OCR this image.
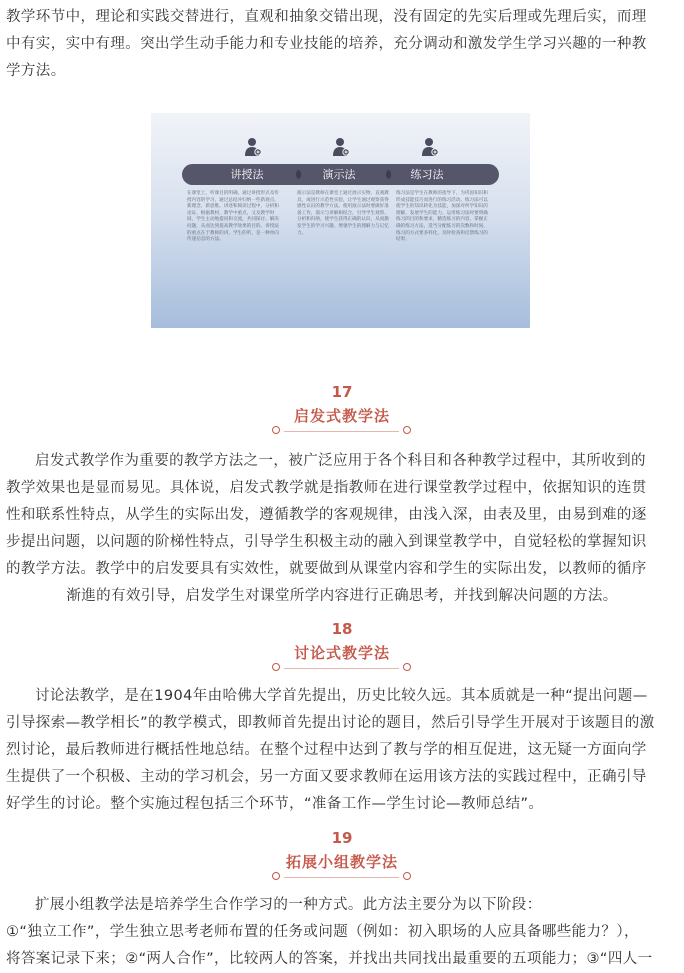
教学环节中，理论和实践交替进行，直观和抽象交错出现，没有固定的先实后理或先理后实，而理
中有实，实中有理。突出学生动手能力和专业技能的培养，充分调动和激发学生学习兴趣的一种教
学方法。
讲授法	演示法	练习法
在课堂上，听课目的明确，通过讲授形式及传授内容的学习，通过总结并归纳一些新观点，新理念，新思维。讲述和阅读过程中，分析和论证，根据教材，教学中重点，又及教学时间，学生主动地提问和交流，共同探讨、解决问题，从而达到提高教学效果的目的。讲授法的重点在于教师的讲，学生的听，是一种单向传递信息的方法。
演示法是教师在课堂上通过展示实物、直观教具，或进行示范性实验，让学生通过观察获得感性认识的教学方法。使用演示法时要做好准备工作，演示与讲解相结合，引导学生观察、分析和归纳，使学生获得正确的认识，从而激发学生的学习兴趣，增强学生的理解力与记忆力。
练习法是学生在教师的指导下，为巩固知识和形成技能技巧而进行的练习活动。练习法可以使学生的知识转化为技能，加深对所学知识的理解，发展学生的能力。运用练习法时要明确练习的目的和要求，精选练习的内容，掌握正确的练习方法，适当分配练习的次数和时间，练习的方式要多样化，及时检查和反馈练习的结果。
17
启发式教学法
启发式教学作为重要的教学方法之一，被广泛应用于各个科目和各种教学过程中，其所收到的
教学效果也是显而易见。具体说，启发式教学就是指教师在进行课堂教学过程中，依据知识的连贯
性和联系性特点，从学生的实际出发，遵循教学的客观规律，由浅入深，由表及里，由易到难的逐
步提出问题，以问题的阶梯性特点，引导学生积极主动的融入到课堂教学中，自觉轻松的掌握知识
的教学方法。教学中的启发要具有实效性，就要做到从课堂内容和学生的实际出发，以教师的循序
渐進的有效引导，启发学生对课堂所学内容进行正确思考，并找到解决问题的方法。
18
讨论式教学法
讨论法教学，是在1904年由哈佛大学首先提出，历史比较久远。其本质就是一种“提出问题—
引导探索—教学相长”的教学模式，即教师首先提出讨论的题目，然后引导学生开展对于该题目的激
烈讨论，最后教师进行概括性地总结。在整个过程中达到了教与学的相互促进，这无疑一方面向学
生提供了一个积极、主动的学习机会，另一方面又要求教师在运用该方法的实践过程中，正确引导
好学生的讨论。整个实施过程包括三个环节，“准备工作—学生讨论—教师总结”。
19
拓展小组教学法
扩展小组教学法是培养学生合作学习的一种方式。此方法主要分为以下阶段：
①“独立工作”，学生独立思考老师布置的任务或问题（例如：初入职场的人应具备哪些能力？），
将答案记录下来；②“两人合作”，比较两人的答案，并找出共同找出最重要的五项能力；③“四人一
